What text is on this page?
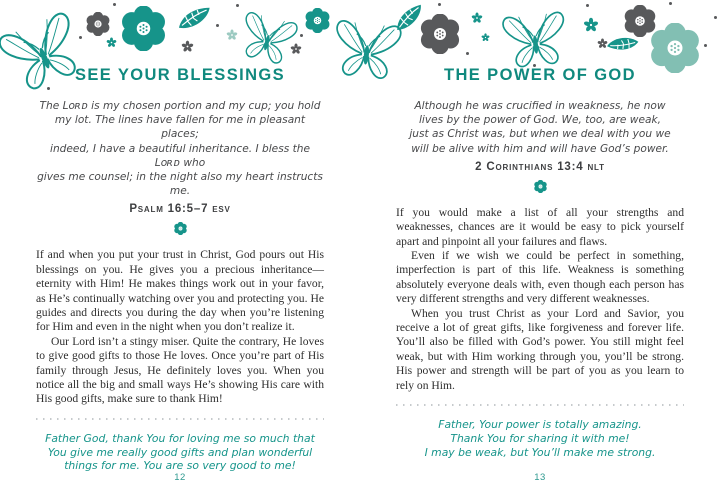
SEE YOUR BLESSINGS
The Lᴏʀᴅ is my chosen portion and my cup; you hold
my lot. The lines have fallen for me in pleasant places;
indeed, I have a beautiful inheritance. I bless the Lᴏʀᴅ who
gives me counsel; in the night also my heart instructs me.
Psalm 16:5–7 esv

If and when you put your trust in Christ, God pours out His blessings on you. He gives you a precious inheritance—eternity with Him! He makes things work out in your favor, as He’s continually watching over you and protecting you. He guides and directs you during the day when you’re listening for Him and even in the night when you don’t realize it.

Our Lord isn’t a stingy miser. Quite the contrary, He loves to give good gifts to those He loves. Once you’re part of His family through Jesus, He definitely loves you. When you notice all the big and small ways He’s showing His care with His good gifts, make sure to thank Him!

Father God, thank You for loving me so much that
You give me really good gifts and plan wonderful
things for me. You are so very good to me!
12
THE POWER OF GOD
Although he was crucified in weakness, he now
lives by the power of God. We, too, are weak,
just as Christ was, but when we deal with you we
will be alive with him and will have God’s power.
2 Corinthians 13:4 nlt

If you would make a list of all your strengths and weaknesses, chances are it would be easy to pick yourself apart and pinpoint all your failures and flaws.

Even if we wish we could be perfect in something, imperfection is part of this life. Weakness is something absolutely everyone deals with, even though each person has very different strengths and very different weaknesses.

When you trust Christ as your Lord and Savior, you receive a lot of great gifts, like forgiveness and forever life. You’ll also be filled with God’s power. You still might feel weak, but with Him working through you, you’ll be strong. His power and strength will be part of you as you learn to rely on Him.

Father, Your power is totally amazing.
Thank You for sharing it with me!
I may be weak, but You’ll make me strong.
13
